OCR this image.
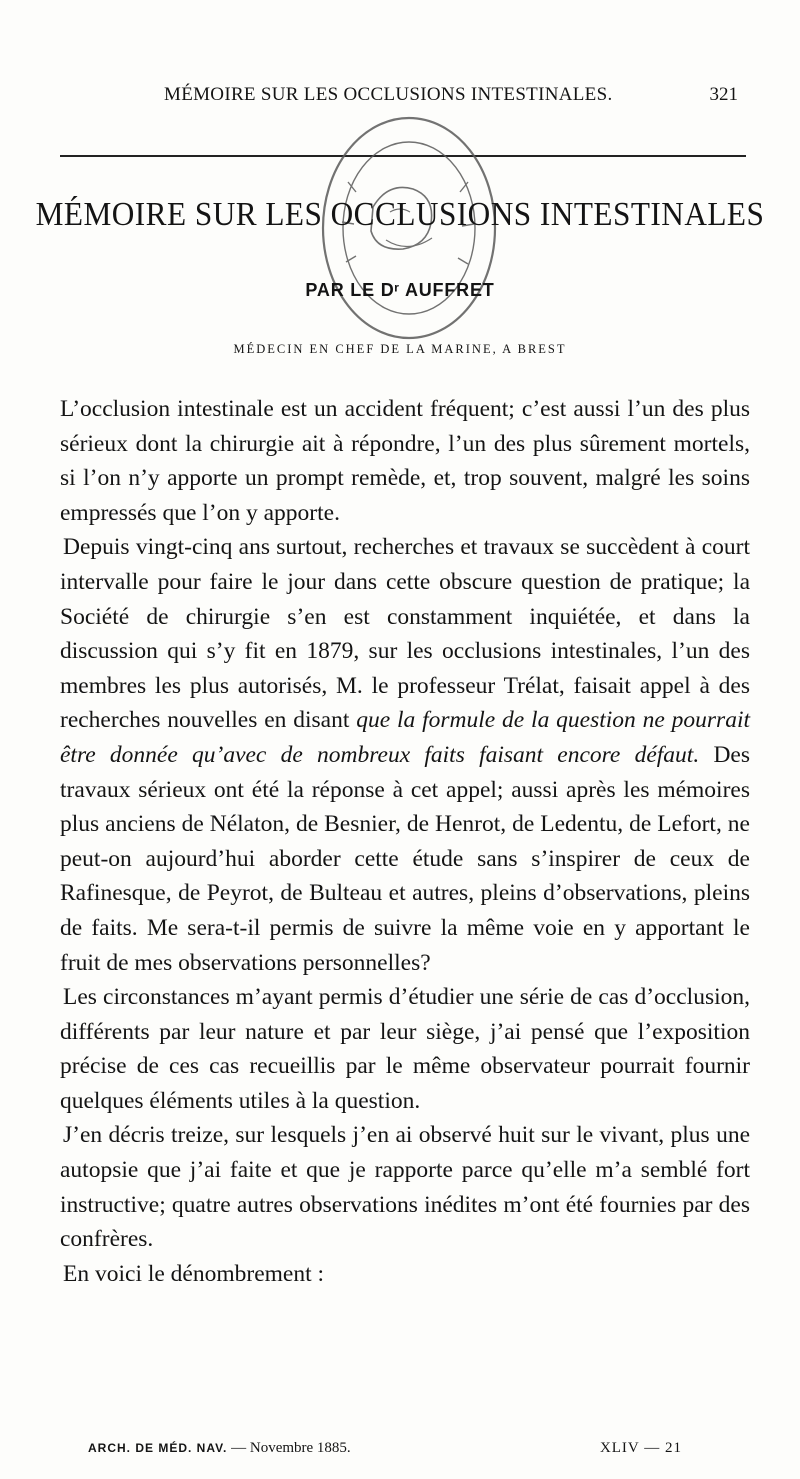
MÉMOIRE SUR LES OCCLUSIONS INTESTINALES.	321
MÉMOIRE SUR LES OCCLUSIONS INTESTINALES
PAR LE Dʳ AUFFRET
MÉDECIN EN CHEF DE LA MARINE, A BREST

L’occlusion intestinale est un accident fréquent; c’est aussi l’un des plus sérieux dont la chirurgie ait à répondre, l’un des plus sûrement mortels, si l’on n’y apporte un prompt remède, et, trop souvent, malgré les soins empressés que l’on y apporte.

Depuis vingt-cinq ans surtout, recherches et travaux se succèdent à court intervalle pour faire le jour dans cette obscure question de pratique; la Société de chirurgie s’en est constamment inquiétée, et dans la discussion qui s’y fit en 1879, sur les occlusions intestinales, l’un des membres les plus autorisés, M. le professeur Trélat, faisait appel à des recherches nouvelles en disant que la formule de la question ne pourrait être donnée qu’avec de nombreux faits faisant encore défaut. Des travaux sérieux ont été la réponse à cet appel; aussi après les mémoires plus anciens de Nélaton, de Besnier, de Henrot, de Ledentu, de Lefort, ne peut-on aujourd’hui aborder cette étude sans s’inspirer de ceux de Rafinesque, de Peyrot, de Bulteau et autres, pleins d’observations, pleins de faits. Me sera-t-il permis de suivre la même voie en y apportant le fruit de mes observations personnelles?

Les circonstances m’ayant permis d’étudier une série de cas d’occlusion, différents par leur nature et par leur siège, j’ai pensé que l’exposition précise de ces cas recueillis par le même observateur pourrait fournir quelques éléments utiles à la question.

J’en décris treize, sur lesquels j’en ai observé huit sur le vivant, plus une autopsie que j’ai faite et que je rapporte parce qu’elle m’a semblé fort instructive; quatre autres observations inédites m’ont été fournies par des confrères.

En voici le dénombrement :

ARCH. DE MÉD. NAV. — Novembre 1885.	XLIV — 21
